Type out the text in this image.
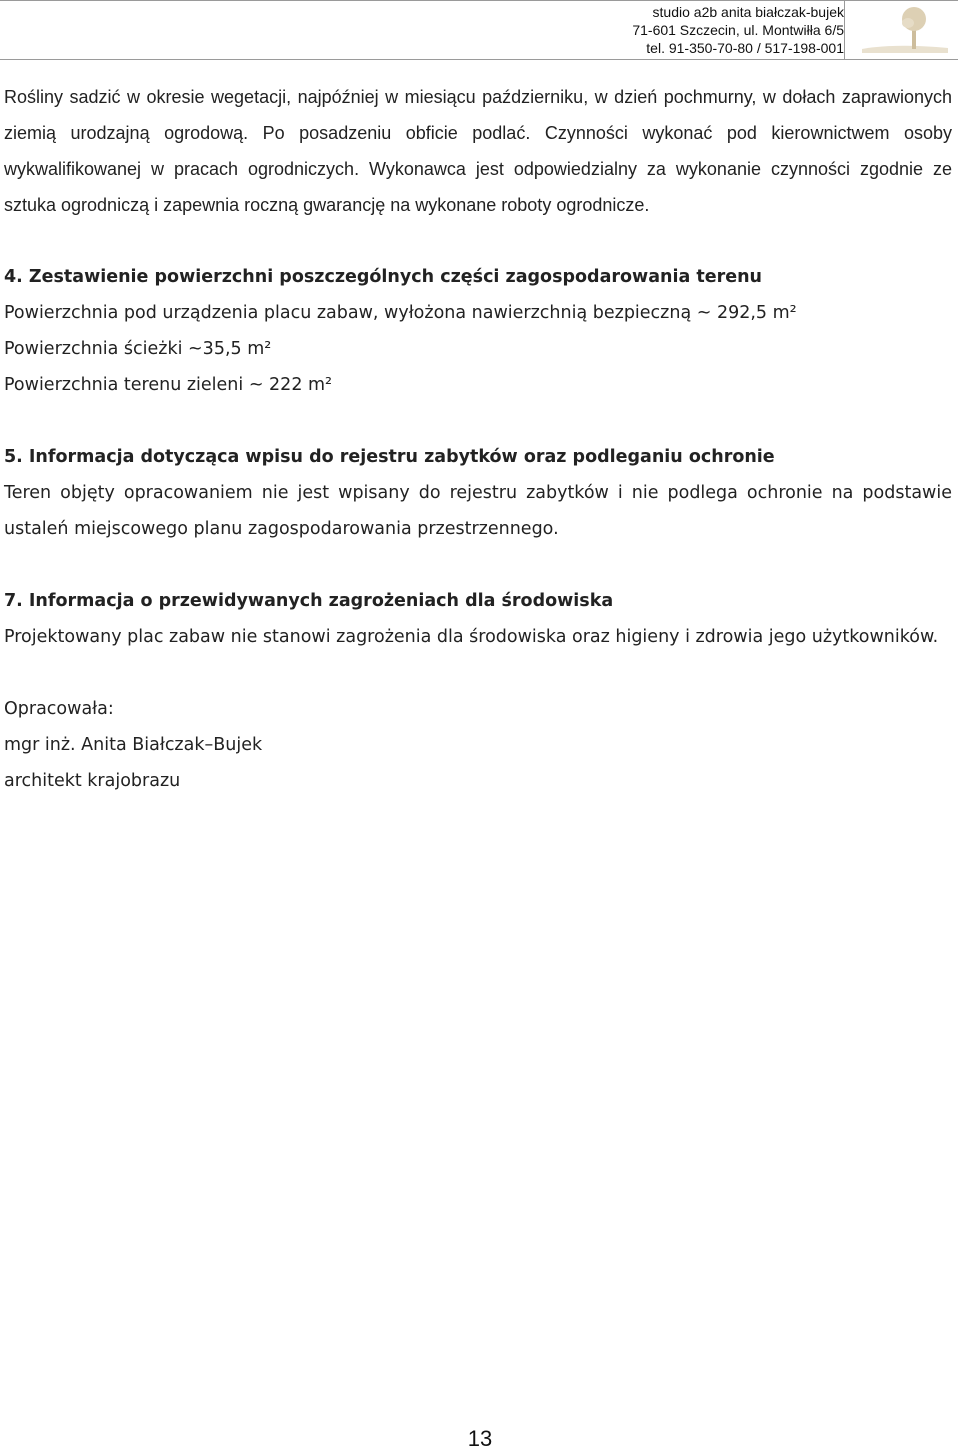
studio a2b anita białczak-bujek
71-601 Szczecin, ul. Montwiłła 6/5
tel. 91-350-70-80 / 517-198-001

Rośliny sadzić w okresie wegetacji, najpóźniej w miesiącu październiku, w dzień pochmurny, w dołach zaprawionych ziemią urodzajną ogrodową. Po posadzeniu obficie podlać. Czynności wykonać pod kierownictwem osoby wykwalifikowanej w pracach ogrodniczych. Wykonawca jest odpowiedzialny za wykonanie czynności zgodnie ze sztuka ogrodniczą i zapewnia roczną gwarancję na wykonane roboty ogrodnicze.

4. Zestawienie powierzchni poszczególnych części zagospodarowania terenu

Powierzchnia pod urządzenia placu zabaw, wyłożona nawierzchnią bezpieczną ~ 292,5 m²

Powierzchnia ścieżki ~35,5 m²

Powierzchnia terenu zieleni ~ 222 m²

5. Informacja dotycząca wpisu do rejestru zabytków oraz podleganiu ochronie

Teren objęty opracowaniem nie jest wpisany do rejestru zabytków i nie podlega ochronie na podstawie ustaleń miejscowego planu zagospodarowania przestrzennego.

7. Informacja o przewidywanych zagrożeniach dla środowiska

Projektowany plac zabaw nie stanowi zagrożenia dla środowiska oraz higieny i zdrowia jego użytkowników.

Opracowała:

mgr inż. Anita Białczak–Bujek

architekt krajobrazu

13
